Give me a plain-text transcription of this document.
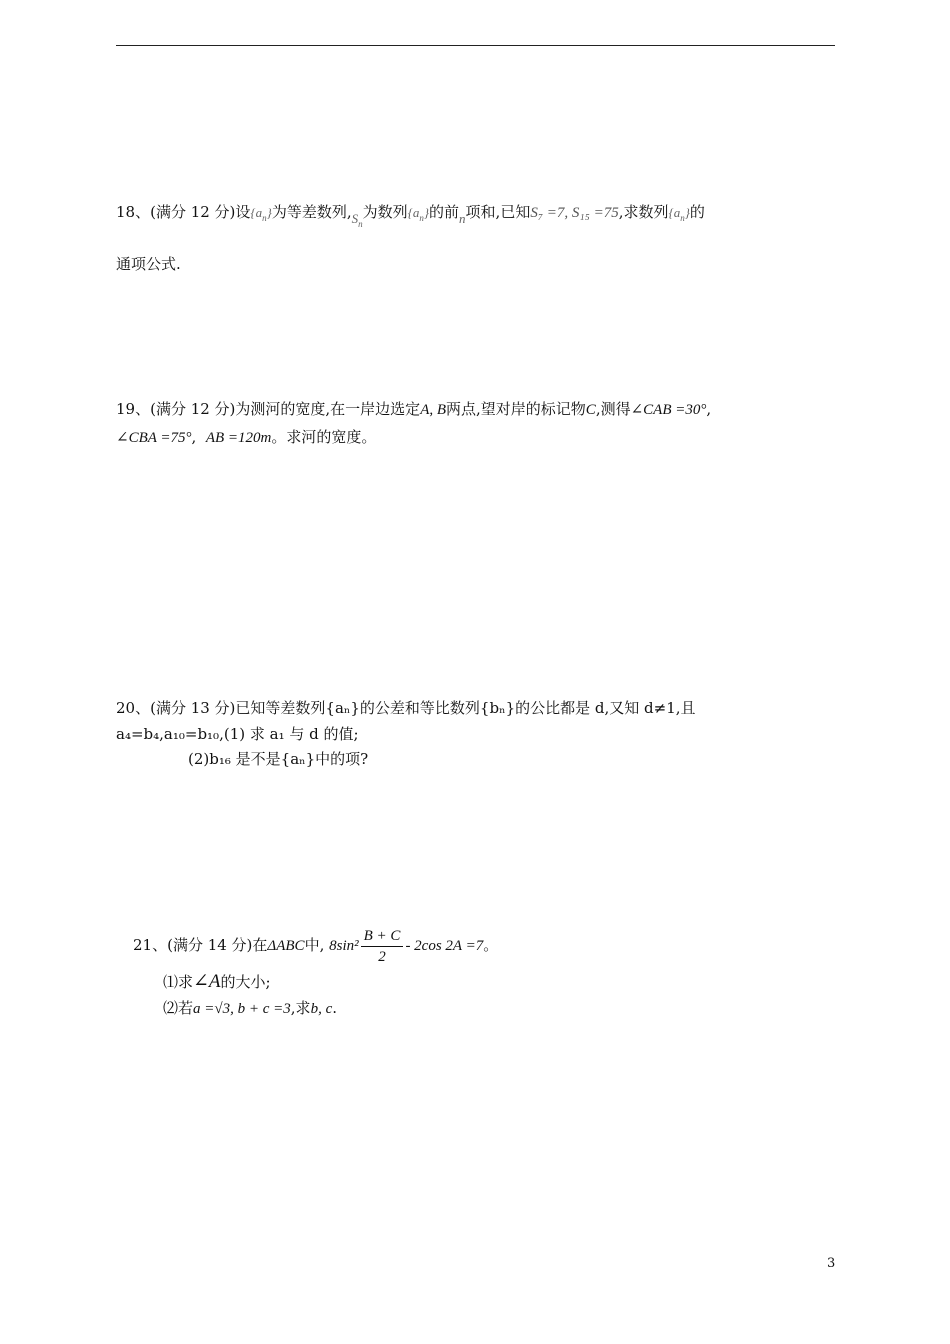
18、(满分 12 分)设$\{a_n\}$为等差数列$,S_n$为数列$\{a_n\}$的前n项和,已知S₇ =7, S₁₅ =75,求数列$\{a_n\}$的
通项公式.
19、(满分 12 分)为测河的宽度,在一岸边选定A, B两点,望对岸的标记物C,测得∠CAB =30°,
∠CBA =75°, AB =120m。求河的宽度。
20、(满分 13 分)已知等差数列{aₙ}的公差和等比数列{bₙ}的公比都是 d,又知 d≠1,且
a₄=b₄,a₁₀=b₁₀,(1) 求 a₁ 与 d 的值;
(2)b₁₆ 是不是{aₙ}中的项?
21、(满分 14 分)在ΔABC中, $8\sin^2 \frac{B + C}{2} - 2\cos$ 2A =7。
⑴求∠A的大小;
⑵若a =√3, b + c =3,求b, c.
3
